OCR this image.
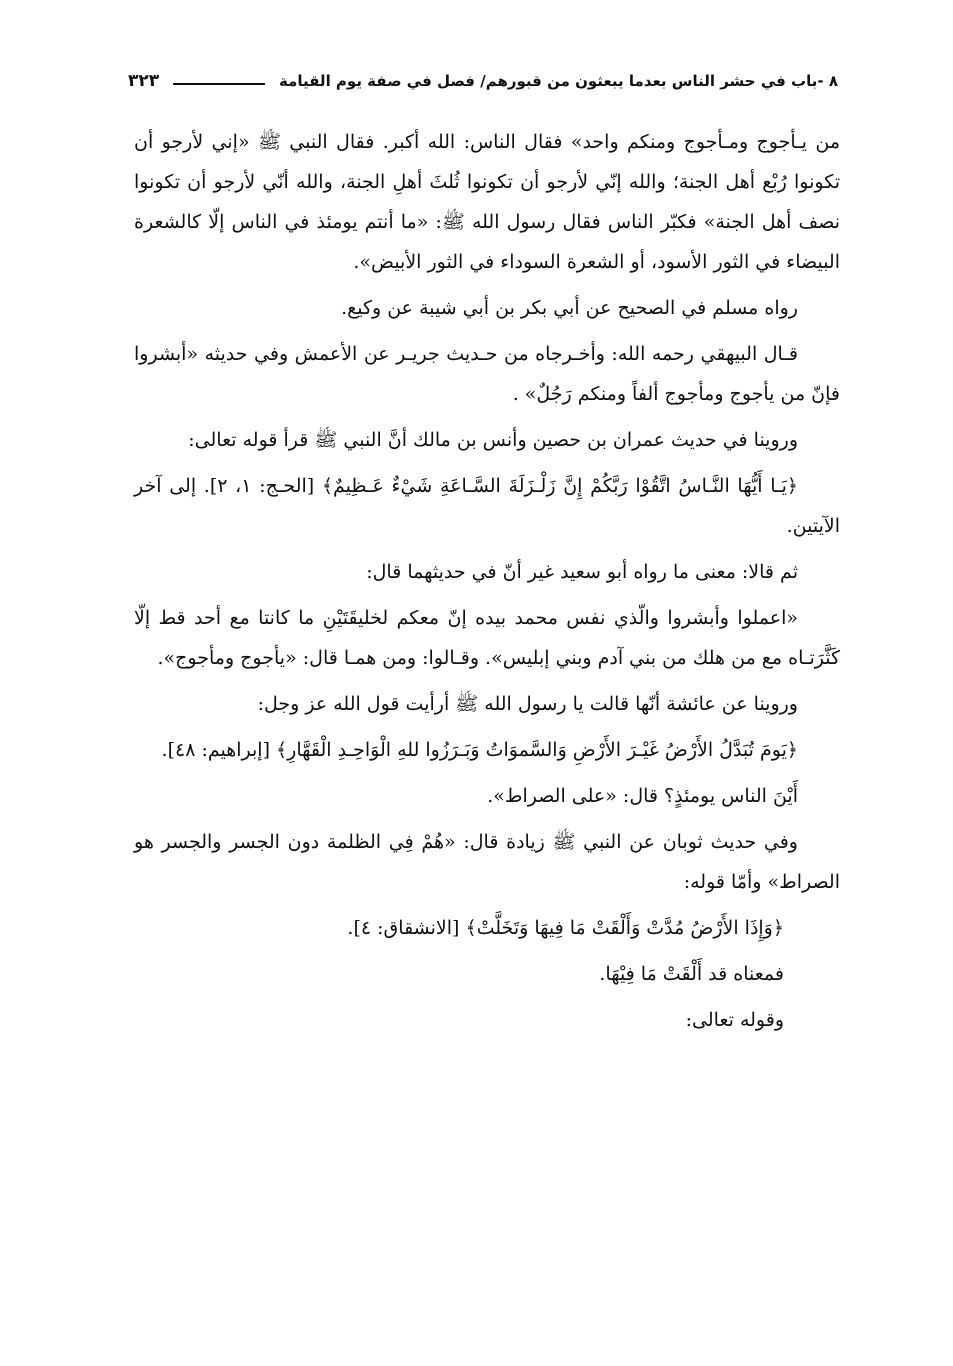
٨ -باب في حشر الناس بعدما يبعثون من قبورهم/ فصل في صفة يوم القيامة
٣٢٣

من يـأجوج ومـأجوج ومنكم واحد» فقال الناس: الله أكبر. فقال النبي ﷺ «إني لأرجو أن تكونوا رُبْع أهل الجنة؛ والله إنّي لأرجو أن تكونوا ثُلثَ أهلِ الجنة، والله أنّي لأرجو أن تكونوا نصف أهل الجنة» فكبّر الناس فقال رسول الله ﷺ: «ما أنتم يومئذ في الناس إلّا كالشعرة البيضاء في الثور الأسود، أو الشعرة السوداء في الثور الأبيض».

رواه مسلم في الصحيح عن أبي بكر بن أبي شيبة عن وكيع.

قـال البيهقي رحمه الله: وأخـرجاه من حـديث جريـر عن الأعمش وفي حديثه «أبشروا فإنّ من يأجوج ومأجوج ألفاً ومنكم رَجُلٌ» .

وروينا في حديث عمران بن حصين وأنس بن مالك أنَّ النبي ﷺ قرأ قوله تعالى:

﴿يَـا أَيُّهَا النَّـاسُ اتَّقُوْا رَبَّكُمْ إِنَّ زَلْـزَلَةَ السَّـاعَةِ شَيْءٌ عَـظِيمٌ﴾ [الحـج: ١، ٢]. إلى آخر الآيتين.

ثم قالا: معنى ما رواه أبو سعيد غير أنّ في حديثهما قال:

«اعملوا وأبشروا والّذي نفس محمد بيده إنّ معكم لخليقَتَيْنِ ما كانتا مع أحد قط إلّا كَثَّرَتـاه مع من هلك من بني آدم وبني إبليس». وقـالوا: ومن همـا قال: «يأجوج ومأجوج».

وروينا عن عائشة أنّها قالت يا رسول الله ﷺ أرأيت قول الله عز وجل:

﴿يَومَ تُبَدَّلُ الأَرْضُ غَيْـرَ الأَرْضِ وَالسَّموَاتُ وَبَـرَزُوا للهِ الْوَاحِـدِ الْقَهَّارِ﴾ [إبراهيم: ٤٨].

أَيْنَ الناس يومئذٍ؟ قال: «على الصراط».

وفي حديث ثوبان عن النبي ﷺ زيادة قال: «هُمْ فِي الظلمة دون الجسر والجسر هو الصراط» وأمّا قوله:

﴿وَإِذَا الأَرْضُ مُدَّتْ وَأَلْقَتْ مَا فِيهَا وَتَخَلَّتْ﴾ [الانشقاق: ٤].

فمعناه قد أَلْقَتْ مَا فِيْهَا.

وقوله تعالى:
